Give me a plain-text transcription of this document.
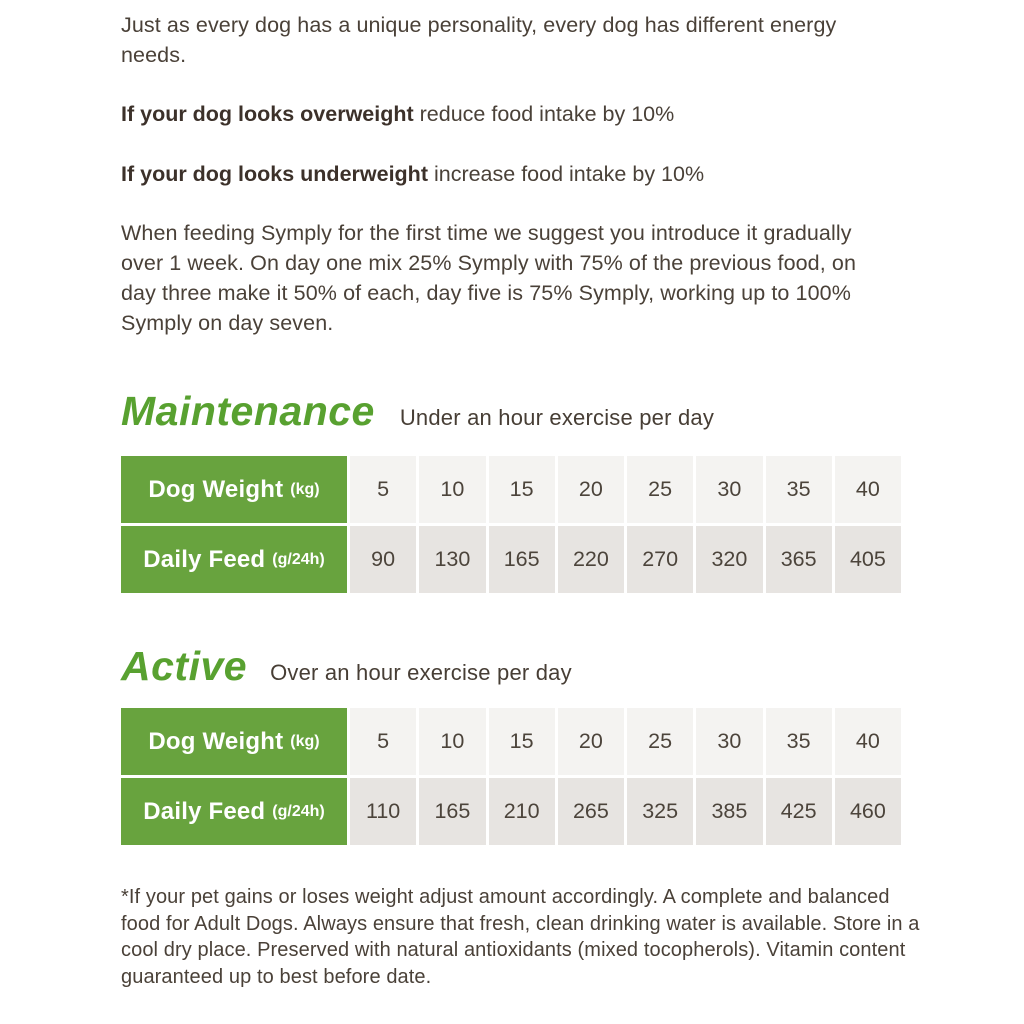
Just as every dog has a unique personality, every dog has different energy
needs.
If your dog looks overweight reduce food intake by 10%
If your dog looks underweight increase food intake by 10%
When feeding Symply for the first time we suggest you introduce it gradually
over 1 week. On day one mix 25% Symply with 75% of the previous food, on
day three make it 50% of each, day five is 75% Symply, working up to 100%
Symply on day seven.
Maintenance Under an hour exercise per day
Dog Weight (kg)	5	10	15	20	25	30	35	40
Daily Feed (g/24h)	90	130	165	220	270	320	365	405
Active Over an hour exercise per day
Dog Weight (kg)	5	10	15	20	25	30	35	40
Daily Feed (g/24h)	110	165	210	265	325	385	425	460
*If your pet gains or loses weight adjust amount accordingly. A complete and balanced
food for Adult Dogs. Always ensure that fresh, clean drinking water is available. Store in a
cool dry place. Preserved with natural antioxidants (mixed tocopherols). Vitamin content
guaranteed up to best before date.
